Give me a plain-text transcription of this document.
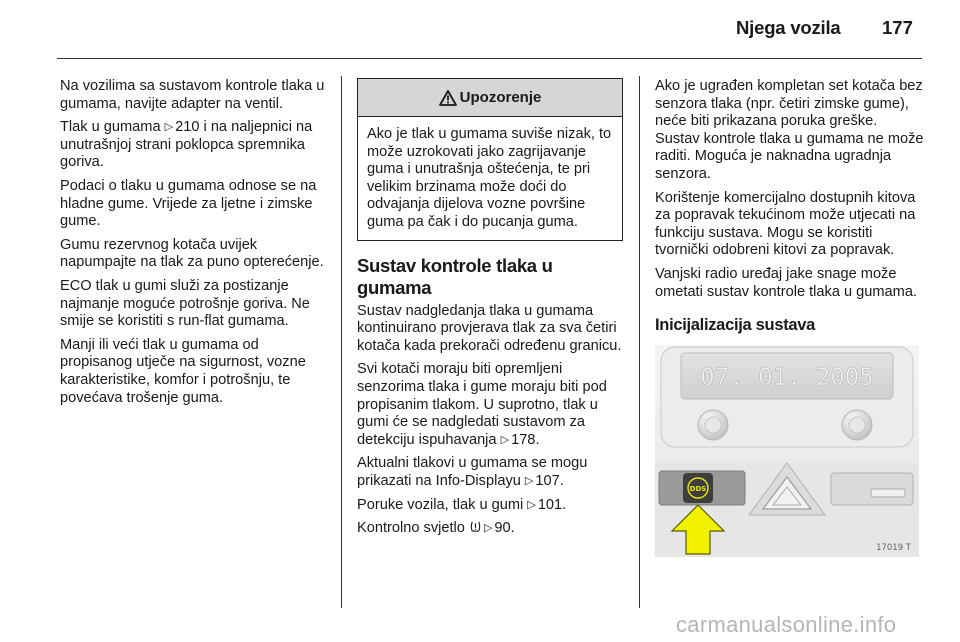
Njega vozila 177

Na vozilima sa sustavom kontrole tlaka u gumama, navijte adapter na ventil.

Tlak u gumama ▷ 210 i na naljepnici na unutrašnjoj strani poklopca spremnika goriva.

Podaci o tlaku u gumama odnose se na hladne gume. Vrijede za ljetne i zimske gume.

Gumu rezervnog kotača uvijek napumpajte na tlak za puno opterećenje.

ECO tlak u gumi služi za postizanje najmanje moguće potrošnje goriva. Ne smije se koristiti s run-flat gumama.

Manji ili veći tlak u gumama od propisanog utječe na sigurnost, vozne karakteristike, komfor i potrošnju, te povećava trošenje guma.

Upozorenje
Ako je tlak u gumama suviše nizak, to može uzrokovati jako zagrijavanje guma i unutrašnja oštećenja, te pri velikim brzinama može doći do odvajanja dijelova vozne površine guma pa čak i do pucanja guma.
Sustav kontrole tlaka u gumama

Sustav nadgledanja tlaka u gumama kontinuirano provjerava tlak za sva četiri kotača kada prekorači određenu granicu.

Svi kotači moraju biti opremljeni senzorima tlaka i gume moraju biti pod propisanim tlakom. U suprotno, tlak u gumi će se nadgledati sustavom za detekciju ispuhavanja ▷ 178.

Aktualni tlakovi u gumama se mogu prikazati na Info-Displayu ▷ 107.

Poruke vozila, tlak u gumi ▷ 101.

Kontrolno svjetlo ▷ 90.

Ako je ugrađen kompletan set kotača bez senzora tlaka (npr. četiri zimske gume), neće biti prikazana poruka greške. Sustav kontrole tlaka u gumama ne može raditi. Moguća je naknadna ugradnja senzora.

Korištenje komercijalno dostupnih kitova za popravak tekućinom može utjecati na funkciju sustava. Mogu se koristiti tvornički odobreni kitovi za popravak.

Vanjski radio uređaj jake snage može ometati sustav kontrole tlaka u gumama.

Inicijalizacija sustava
07. 01. 2005
DDS
17019 T
carmanualsonline.info
